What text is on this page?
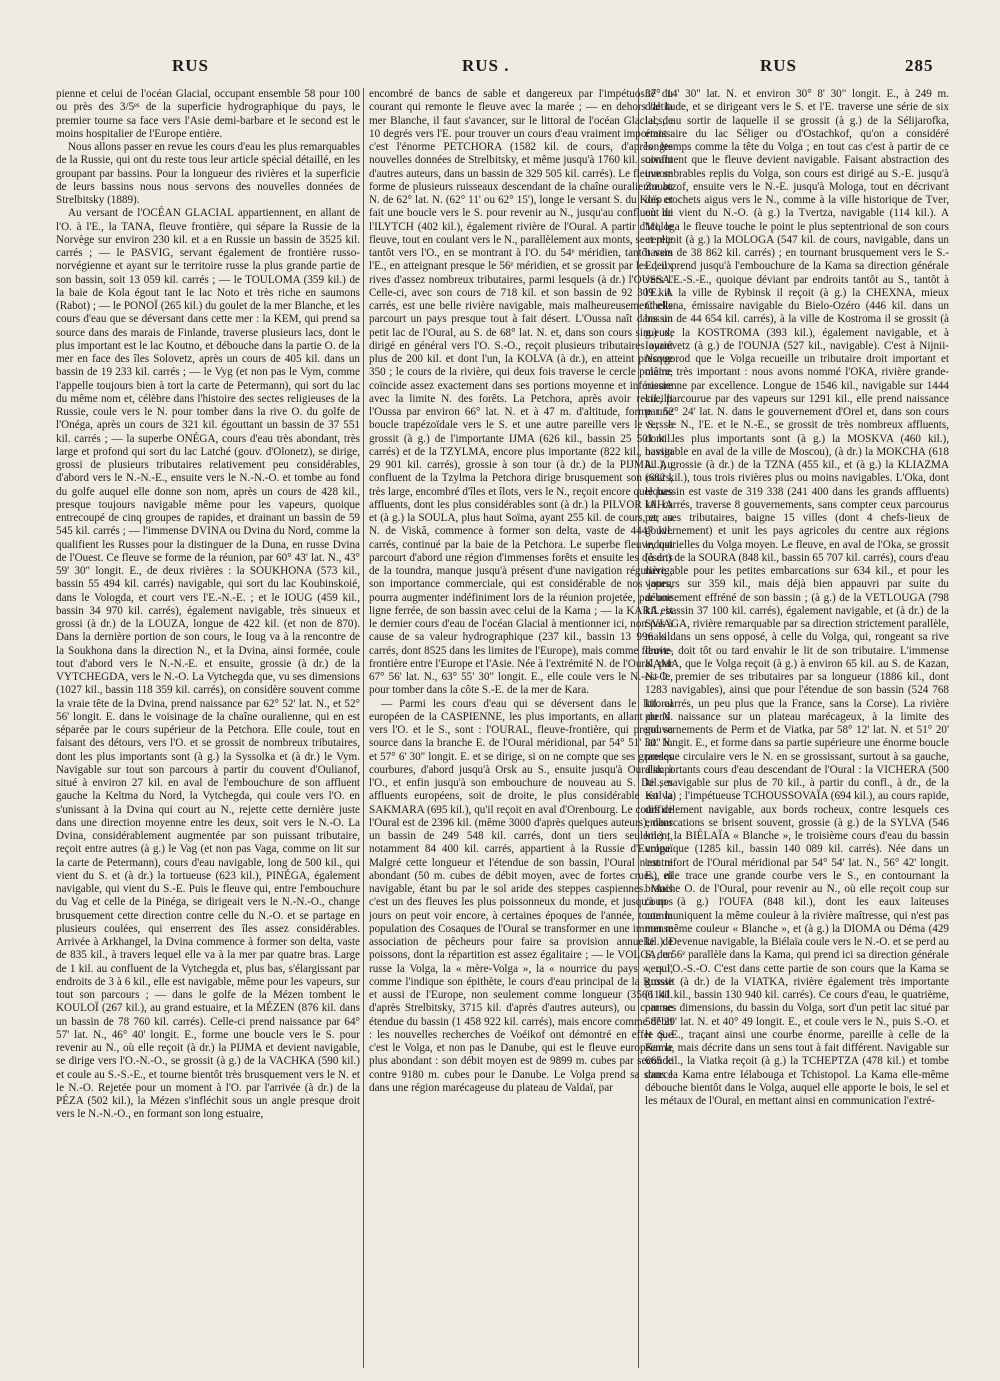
RUS	RUS .	RUS	285

pienne et celui de l'océan Glacial, occupant ensemble 58 pour 100 ou près des 3/5ᵉˢ de la superficie hydrographique du pays, le premier tourne sa face vers l'Asie demi-barbare et le second est le moins hospitalier de l'Europe entière.

Nous allons passer en revue les cours d'eau les plus remarquables de la Russie, qui ont du reste tous leur article spécial détaillé, en les groupant par bassins. Pour la longueur des rivières et la superficie de leurs bassins nous nous servons des nouvelles données de Strelbitsky (1889).

Au versant de l'OCÉAN GLACIAL appartiennent, en allant de l'O. à l'E., la TANA, fleuve frontière, qui sépare la Russie de la Norvège sur environ 230 kil. et a en Russie un bassin de 3525 kil. carrés ; — le PASVIG, servant également de frontière russo-norvégienne et ayant sur le territoire russe la plus grande partie de son bassin, soit 13 059 kil. carrés ; — le TOULOMA (359 kil.) de la baie de Kola égout tant le lac Noto et très riche en saumons (Rabot) ; — le PONOÏ (265 kil.) du goulet de la mer Blanche, et les cours d'eau que se déversant dans cette mer : la KEM, qui prend sa source dans des marais de Finlande, traverse plusieurs lacs, dont le plus important est le lac Koutno, et débouche dans la partie O. de la mer en face des îles Solovetz, après un cours de 405 kil. dans un bassin de 19 233 kil. carrés ; — le Vyg (et non pas le Vym, comme l'appelle toujours bien à tort la carte de Petermann), qui sort du lac du même nom et, célèbre dans l'histoire des sectes religieuses de la Russie, coule vers le N. pour tomber dans la rive O. du golfe de l'Onéga, après un cours de 321 kil. égouttant un bassin de 37 551 kil. carrés ; — la superbe ONÉGA, cours d'eau très abondant, très large et profond qui sort du lac Latché (gouv. d'Olonetz), se dirige, grossi de plusieurs tributaires relativement peu considérables, d'abord vers le N.-N.-E., ensuite vers le N.-N.-O. et tombe au fond du golfe auquel elle donne son nom, après un cours de 428 kil., presque toujours navigable même pour les vapeurs, quoique entrecoupé de cinq groupes de rapides, et drainant un bassin de 59 545 kil. carrés ; — l'immense DVINA ou Dvina du Nord, comme la qualifient les Russes pour la distinguer de la Duna, en russe Dvina de l'Ouest. Ce fleuve se forme de la réunion, par 60° 43' lat. N., 43° 59' 30" longit. E., de deux rivières : la SOUKHONA (573 kil., bassin 55 494 kil. carrés) navigable, qui sort du lac Koubinskoié, dans le Vologda, et court vers l'E.-N.-E. ; et le IOUG (459 kil., bassin 34 970 kil. carrés), également navigable, très sinueux et grossi (à dr.) de la LOUZA, longue de 422 kil. (et non de 870). Dans la dernière portion de son cours, le Ioug va à la rencontre de la Soukhona dans la direction N., et la Dvina, ainsi formée, coule tout d'abord vers le N.-N.-E. et ensuite, grossie (à dr.) de la VYTCHEGDA, vers le N.-O. La Vytchegda que, vu ses dimensions (1027 kil., bassin 118 359 kil. carrés), on considère souvent comme la vraie tête de la Dvina, prend naissance par 62° 52' lat. N., et 52° 56' longit. E. dans le voisinage de la chaîne ouralienne, qui en est séparée par le cours supérieur de la Petchora. Elle coule, tout en faisant des détours, vers l'O. et se grossit de nombreux tributaires, dont les plus importants sont (à g.) la Syssolka et (à dr.) le Vym. Navigable sur tout son parcours à partir du couvent d'Oulianof, situé à environ 27 kil. en aval de l'embouchure de son affluent gauche la Keltma du Nord, la Vytchegda, qui coule vers l'O. en s'unissant à la Dvina qui court au N., rejette cette dernière juste dans une direction moyenne entre les deux, soit vers le N.-O. La Dvina, considérablement augmentée par son puissant tributaire, reçoit entre autres (à g.) le Vag (et non pas Vaga, comme on lit sur la carte de Petermann), cours d'eau navigable, long de 500 kil., qui vient du S. et (à dr.) la tortueuse (623 kil.), PINÉGA, également navigable, qui vient du S.-E. Puis le fleuve qui, entre l'embouchure du Vag et celle de la Pinéga, se dirigeait vers le N.-N.-O., change brusquement cette direction contre celle du N.-O. et se partage en plusieurs coulées, qui enserrent des îles assez considérables. Arrivée à Arkhangel, la Dvina commence à former son delta, vaste de 835 kil., à travers lequel elle va à la mer par quatre bras. Large de 1 kil. au confluent de la Vytchegda et, plus bas, s'élargissant par endroits de 3 à 6 kil., elle est navigable, même pour les vapeurs, sur tout son parcours ; — dans le golfe de la Mézen tombent le KOULOÏ (267 kil.), au grand estuaire, et la MÉZEN (876 kil. dans un bassin de 78 760 kil. carrés). Celle-ci prend naissance par 64° 57' lat. N., 46° 40' longit. E., forme une boucle vers le S. pour revenir au N., où elle reçoit (à dr.) la PIJMA et devient navigable, se dirige vers l'O.-N.-O., se grossit (à g.) de la VACHKA (590 kil.) et coule au S.-S.-E., et tourne bientôt très brusquement vers le N. et le N.-O. Rejetée pour un moment à l'O. par l'arrivée (à dr.) de la PÉZA (502 kil.), la Mézen s'infléchit sous un angle presque droit vers le N.-N.-O., en formant son long estuaire,

encombré de bancs de sable et dangereux par l'impétuosité du courant qui remonte le fleuve avec la marée ; — en dehors de la mer Blanche, il faut s'avancer, sur le littoral de l'océan Glacial, de 10 degrés vers l'E. pour trouver un cours d'eau vraiment important : c'est l'énorme PETCHORA (1582 kil. de cours, d'après les nouvelles données de Strelbitsky, et même jusqu'à 1760 kil. suivant d'autres auteurs, dans un bassin de 329 505 kil. carrés). Le fleuve se forme de plusieurs ruisseaux descendant de la chaîne ouralienne au N. de 62° lat. N. (62° 11' ou 62° 15'), longe le versant S. du Koïp et fait une boucle vers le S. pour revenir au N., jusqu'au confluent de l'ILYTCH (402 kil.), également rivière de l'Oural. A partir d'ici, le fleuve, tout en coulant vers le N., parallèlement aux monts, se replie tantôt vers l'O., en se montrant à l'O. du 54ᵉ méridien, tantôt vers l'E., en atteignant presque le 56ᵉ méridien, et se grossit par les deux rives d'assez nombreux tributaires, parmi lesquels (à dr.) l'OUSSA. Celle-ci, avec son cours de 718 kil. et son bassin de 92 309 kil. carrés, est une belle rivière navigable, mais malheureusement elle parcourt un pays presque tout à fait désert. L'Oussa naît dans un petit lac de l'Oural, au S. de 68° lat. N. et, dans son cours sinueux, dirigé en général vers l'O. S.-O., reçoit plusieurs tributaires ayant plus de 200 kil. et dont l'un, la KOLVA (à dr.), en atteint presque 350 ; le cours de la rivière, qui deux fois traverse le cercle polaire, coïncide assez exactement dans ses portions moyenne et inférieure avec la limite N. des forêts. La Petchora, après avoir recueilli l'Oussa par environ 66° lat. N. et à 47 m. d'altitude, forme une boucle trapézoïdale vers le S. et une autre pareille vers le S., se grossit (à g.) de l'importante IJMA (626 kil., bassin 25 501 kil. carrés) et de la TZYLMA, encore plus importante (822 kil., bassin 29 901 kil. carrés), grossie à son tour (à dr.) de la PIJMA. Au confluent de la Tzylma la Petchora dirige brusquement son cours, très large, encombré d'îles et îlots, vers le N., reçoit encore quelques affluents, dont les plus considérables sont (à dr.) la PILVOR IAHA et (à g.) la SOULA, plus haut Soïma, ayant 255 kil. de cours, et, au N. de Viskâ, commence à former son delta, vaste de 4447 kil. carrés, continué par la baie de la Petchora. Le superbe fleuve, qui parcourt d'abord une région d'immenses forêts et ensuite les déserts de la toundra, manque jusqu'à présent d'une navigation régulière ; son importance commerciale, qui est considérable de nos jours, pourra augmenter indéfiniment lors de la réunion projetée, par une ligne ferrée, de son bassin avec celui de la Kama ; — la KARA est le dernier cours d'eau de l'océan Glacial à mentionner ici, non pas à cause de sa valeur hydrographique (237 kil., bassin 13 996 kil. carrés, dont 8525 dans les limites de l'Europe), mais comme fleuve-frontière entre l'Europe et l'Asie. Née à l'extrémité N. de l'Oural, par 67° 56' lat. N., 63° 55' 30" longit. E., elle coule vers le N.-N.-O., pour tomber dans la côte S.-E. de la mer de Kara.

— Parmi les cours d'eau qui se déversent dans le littoral européen de la CASPIENNE, les plus importants, en allant du N. vers l'O. et le S., sont : l'OURAL, fleuve-frontière, qui prend sa source dans la branche E. de l'Oural méridional, par 54° 51' lat. N. et 57° 6' 30" longit. E. et se dirige, si on ne compte que ses grandes courbures, d'abord jusqu'à Orsk au S., ensuite jusqu'à Ouralsk à l'O., et enfin jusqu'à son embouchure de nouveau au S. De ses affluents européens, soit de droite, le plus considérable est la SAKMARA (695 kil.), qu'il reçoit en aval d'Orenbourg. Le cours de l'Oural est de 2396 kil. (même 3000 d'après quelques auteurs), dans un bassin de 249 548 kil. carrés, dont un tiers seulement, notamment 84 400 kil. carrés, appartient à la Russie d'Europe. Malgré cette longueur et l'étendue de son bassin, l'Oural n'est ni abondant (50 m. cubes de débit moyen, avec de fortes crues), ni navigable, étant bu par le sol aride des steppes caspiennes. Mais c'est un des fleuves les plus poissonneux du monde, et jusqu'à nos jours on peut voir encore, à certaines époques de l'année, toute la population des Cosaques de l'Oural se transformer en une immense association de pêcheurs pour faire sa provision annuelle de poissons, dont la répartition est assez égalitaire ; — le VOLGA, en russe la Volga, la « mère-Volga », la « nourrice du pays », qui, comme l'indique son épithète, le cours d'eau principal de la Russie et aussi de l'Europe, non seulement comme longueur (3566 kil. d'après Strelbitsky, 3715 kil. d'après d'autres auteurs), ou comme étendue du bassin (1 458 922 kil. carrés), mais encore comme débit : les nouvelles recherches de Voéikof ont démontré en effet que c'est le Volga, et non pas le Danube, qui est le fleuve européen le plus abondant : son débit moyen est de 9899 m. cubes par seconde contre 9180 m. cubes pour le Danube. Le Volga prend sa source dans une région marécageuse du plateau de Valdaï, par

57° 14' 30" lat. N. et environ 30° 8' 30" longit. E., à 249 m. d'altitude, et se dirigeant vers le S. et l'E. traverse une série de six lacs, au sortir de laquelle il se grossit (à g.) de la Sélijarofka, émissaire du lac Séliger ou d'Ostachkof, qu'on a considéré longtemps comme la tête du Volga ; en tout cas c'est à partir de ce confluent que le fleuve devient navigable. Faisant abstraction des innombrables replis du Volga, son cours est dirigé au S.-E. jusqu'à Zoubtzof, ensuite vers le N.-E. jusqu'à Mologa, tout en décrivant des crochets aigus vers le N., comme à la ville historique de Tver, où lui vient du N.-O. (à g.) la Tvertza, navigable (114 kil.). A Mologa le fleuve touche le point le plus septentrional de son cours et reçoit (à g.) la MOLOGA (547 kil. de cours, navigable, dans un bassin de 38 862 kil. carrés) ; en tournant brusquement vers le S.-E., il prend jusqu'à l'embouchure de la Kama sa direction générale vers l'E.-S.-E., quoique déviant par endroits tantôt au S., tantôt à l'E. A la ville de Rybinsk il reçoit (à g.) la CHEXNA, mieux Cheksna, émissaire navigable du Bielo-Ozéro (446 kil. dans un bassin de 44 654 kil. carrés), à la ville de Kostroma il se grossit (à g.) de la KOSTROMA (393 kil.), également navigable, et à Iouriévetz (à g.) de l'OUNJA (527 kil., navigable). C'est à Nijnii-Novgorod que le Volga recueille un tributaire droit important et même très important : nous avons nommé l'OKA, rivière grande-russienne par excellence. Longue de 1546 kil., navigable sur 1444 kil., parcourue par des vapeurs sur 1291 kil., elle prend naissance par 52° 24' lat. N. dans le gouvernement d'Orel et, dans son cours vers le N., l'E. et le N.-E., se grossit de très nombreux affluents, dont les plus importants sont (à g.) la MOSKVA (460 kil.), navigable en aval de la ville de Moscou), (à dr.) la MOKCHA (618 kil.), grossie (à dr.) de la TZNA (455 kil., et (à g.) la KLIAZMA (682 kil.), tous trois rivières plus ou moins navigables. L'Oka, dont le bassin est vaste de 319 338 (241 400 dans les grands affluents) kil. carrés, traverse 8 gouvernements, sans compter ceux parcourus par ses tributaires, baigne 15 villes (dont 4 chefs-lieux de gouvernement) et unit les pays agricoles du centre aux régions industrielles du Volga moyen. Le fleuve, en aval de l'Oka, se grossit (à dr.) de la SOURA (848 kil., bassin 65 707 kil. carrés), cours d'eau navigable pour les petites embarcations sur 634 kil., et pour les vapeurs sur 359 kil., mais déjà bien appauvri par suite du déboisement effréné de son bassin ; (à g.) de la VETLOUGA (798 kil., bassin 37 100 kil. carrés), également navigable, et (à dr.) de la SVIAGA, rivière remarquable par sa direction strictement parallèle, mais dans un sens opposé, à celle du Volga, qui, rongeant sa rive droite, doit tôt ou tard envahir le lit de son tributaire. L'immense KAMA, que le Volga reçoit (à g.) à environ 65 kil. au S. de Kazan, est le premier de ses tributaires par sa longueur (1886 kil., dont 1283 navigables), ainsi que pour l'étendue de son bassin (524 768 kil. carrés, un peu plus que la France, sans la Corse). La rivière prend naissance sur un plateau marécageux, à la limite des gouvernements de Perm et de Viatka, par 58° 12' lat. N. et 51° 20' 30" longit. E., et forme dans sa partie supérieure une énorme boucle presque circulaire vers le N. en se grossissant, surtout à sa gauche, d'importants cours d'eau descendant de l'Oural : la VICHERA (500 kil., navigable sur plus de 70 kil., à partir du confl., à dr., de la Kolva) ; l'impétueuse TCHOUSSOVAÏA (694 kil.), au cours rapide, difficilement navigable, aux bords rocheux, contre lesquels ces embarcations se brisent souvent, grossie (à g.) de la SYLVA (546 kil.) ; la BIÉLAÏA « Blanche », le troisième cours d'eau du bassin volgaïque (1285 kil., bassin 140 089 kil. carrés). Née dans un contrefort de l'Oural méridional par 54° 54' lat. N., 56° 42' longit. E., elle trace une grande courbe vers le S., en contournant la branche O. de l'Oural, pour revenir au N., où elle reçoit coup sur coup (à g.) l'OUFA (848 kil.), dont les eaux laiteuses communiquent la même couleur à la rivière maîtresse, qui n'est pas non même couleur « Blanche », et (à g.) la DIOMA ou Déma (429 kil.). Devenue navigable, la Biélaïa coule vers le N.-O. et se perd au S. du 56ᵉ parallèle dans la Kama, qui prend ici sa direction générale vers l'O.-S.-O. C'est dans cette partie de son cours que la Kama se grossit (à dr.) de la VIATKA, rivière également très importante (1141 kil., bassin 130 940 kil. carrés). Ce cours d'eau, le quatrième, par ses dimensions, du bassin du Volga, sort d'un petit lac situé par 58° 29' lat. N. et 40° 49 longit. E., et coule vers le N., puis S.-O. et le S.-E., traçant ainsi une courbe énorme, pareille à celle de la Kama, mais décrite dans un sens tout à fait différent. Navigable sur 665 kil., la Viatka reçoit (à g.) la TCHEPTZA (478 kil.) et tombe dans la Kama entre Iélabouga et Tchistopol. La Kama elle-même débouche bientôt dans le Volga, auquel elle apporte le bois, le sel et les métaux de l'Oural, en mettant ainsi en communication l'extré-
